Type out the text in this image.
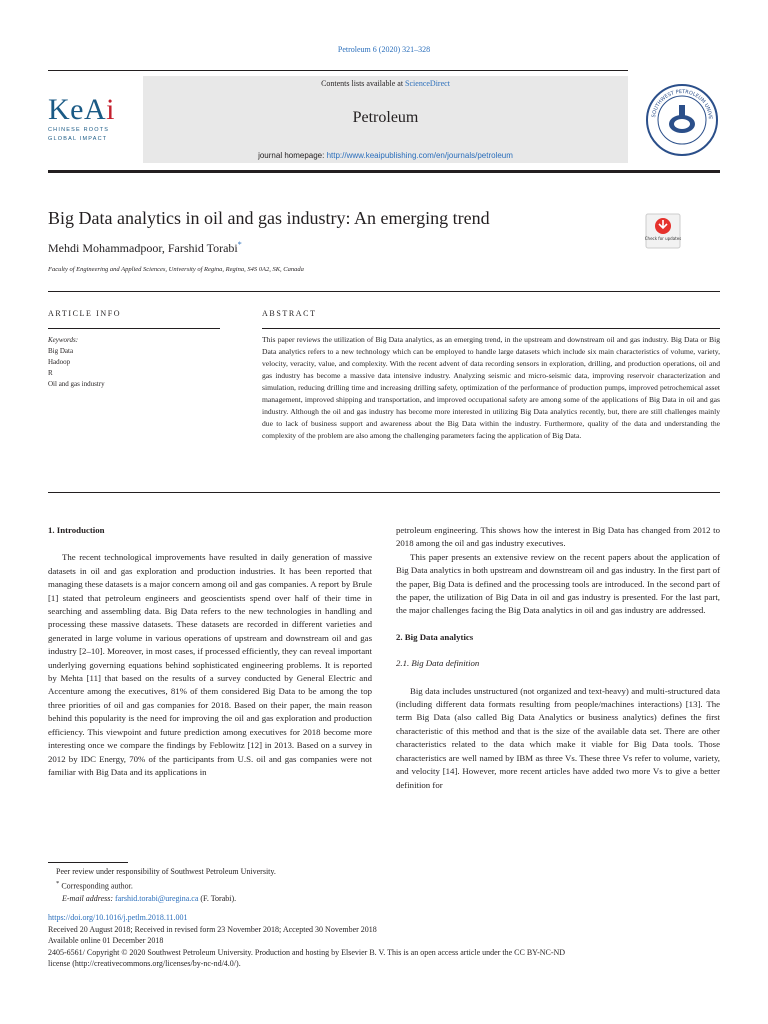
Petroleum 6 (2020) 321–328
KeAi
CHINESE ROOTS
GLOBAL IMPACT
Contents lists available at ScienceDirect
Petroleum
journal homepage: http://www.keaipublishing.com/en/journals/petroleum
SOUTHWEST PETROLEUM UNIVE
Big Data analytics in oil and gas industry: An emerging trend
Mehdi Mohammadpoor, Farshid Torabi*
Check for updates
Faculty of Engineering and Applied Sciences, University of Regina, Regina, S4S 0A2, SK, Canada
ARTICLE INFO
Keywords:
Big Data
Hadoop
R
Oil and gas industry
ABSTRACT
This paper reviews the utilization of Big Data analytics, as an emerging trend, in the upstream and downstream oil and gas industry. Big Data or Big Data analytics refers to a new technology which can be employed to handle large datasets which include six main characteristics of volume, variety, velocity, veracity, value, and complexity. With the recent advent of data recording sensors in exploration, drilling, and production operations, oil and gas industry has become a massive data intensive industry. Analyzing seismic and micro-seismic data, improving reservoir characterization and simulation, reducing drilling time and increasing drilling safety, optimization of the performance of production pumps, improved petrochemical asset management, improved shipping and transportation, and improved occupational safety are among some of the applications of Big Data in oil and gas industry. Although the oil and gas industry has become more interested in utilizing Big Data analytics recently, but, there are still challenges mainly due to lack of business support and awareness about the Big Data within the industry. Furthermore, quality of the data and understanding the complexity of the problem are also among the challenging parameters facing the application of Big Data.

1. Introduction

The recent technological improvements have resulted in daily generation of massive datasets in oil and gas exploration and production industries. It has been reported that managing these datasets is a major concern among oil and gas companies. A report by Brule [1] stated that petroleum engineers and geoscientists spend over half of their time in searching and assembling data. Big Data refers to the new technologies in handling and processing these massive datasets. These datasets are recorded in different varieties and generated in large volume in various operations of upstream and downstream oil and gas industry [2–10]. Moreover, in most cases, if processed efficiently, they can reveal important underlying governing equations behind sophisticated engineering problems. It is reported by Mehta [11] that based on the results of a survey conducted by General Electric and Accenture among the executives, 81% of them considered Big Data to be among the top three priorities of oil and gas companies for 2018. Based on their paper, the main reason behind this popularity is the need for improving the oil and gas exploration and production efficiency. This viewpoint and future prediction among executives for 2018 become more interesting once we compare the findings by Feblowitz [12] in 2013. Based on a survey in 2012 by IDC Energy, 70% of the participants from U.S. oil and gas companies were not familiar with Big Data and its applications in

petroleum engineering. This shows how the interest in Big Data has changed from 2012 to 2018 among the oil and gas industry executives.

This paper presents an extensive review on the recent papers about the application of Big Data analytics in both upstream and downstream oil and gas industry. In the first part of the paper, Big Data is defined and the processing tools are introduced. In the second part of the paper, the utilization of Big Data in oil and gas industry is presented. For the last part, the major challenges facing the Big Data analytics in oil and gas industry are addressed.

2. Big Data analytics

2.1. Big Data definition

Big data includes unstructured (not organized and text-heavy) and multi-structured data (including different data formats resulting from people/machines interactions) [13]. The term Big Data (also called Big Data Analytics or business analytics) defines the first characteristic of this method and that is the size of the available data set. There are other characteristics related to the data which make it viable for Big Data tools. Those characteristics are well named by IBM as three Vs. These three Vs refer to volume, variety, and velocity [14]. However, more recent articles have added two more Vs to give a better definition for

Peer review under responsibility of Southwest Petroleum University.
* Corresponding author.
E-mail address: farshid.torabi@uregina.ca (F. Torabi).
https://doi.org/10.1016/j.petlm.2018.11.001
Received 20 August 2018; Received in revised form 23 November 2018; Accepted 30 November 2018
Available online 01 December 2018
2405-6561/ Copyright © 2020 Southwest Petroleum University. Production and hosting by Elsevier B. V. This is an open access article under the CC BY-NC-ND
license (http://creativecommons.org/licenses/by-nc-nd/4.0/).
